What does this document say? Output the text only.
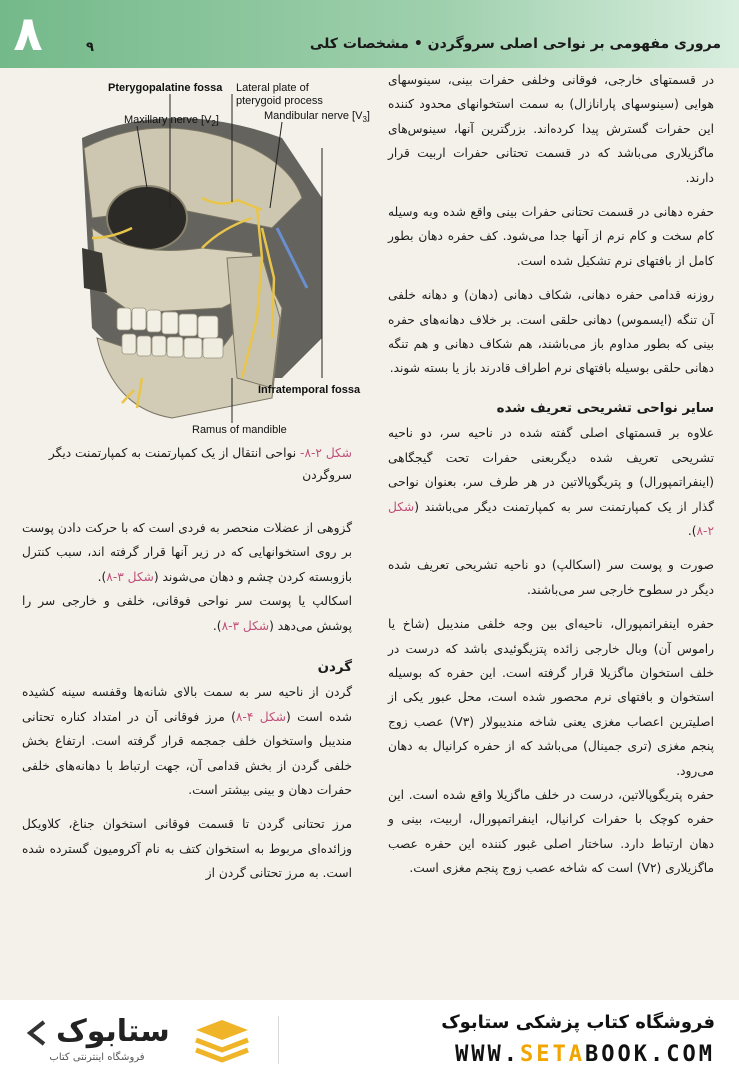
۸	۹	مروری مفهومی بر نواحی اصلی سروگردن • مشخصات کلی
Pterygopalatine fossa Lateral plate of
pterygoid process
Maxillary nerve $[V_2]$	Mandibular nerve $[V_3]$
Infratemporal fossa
Ramus of mandible
شکل ۲-۸- نواحی انتقال از یک کمپارتمنت به کمپارتمنت دیگر سروگردن

در قسمتهای خارجی، فوقانی وخلفی حفرات بینی، سینوسهای هوایی (سینوسهای پارانازال) به سمت استخوانهای محدود کننده این حفرات گسترش پیدا کرده‌اند. بزرگترین آنها، سینوس‌های ماگزیلاری می‌باشد که در قسمت تحتانی حفرات اربیت قرار دارند.

حفره دهانی در قسمت تحتانی حفرات بینی واقع شده وبه وسیله کام سخت و کام نرم از آنها جدا می‌شود. کف حفره دهان بطور کامل از بافتهای نرم تشکیل شده است.

روزنه قدامی حفره دهانی، شکاف دهانی (دهان) و دهانه خلفی آن تنگه (ایسموس) دهانی حلقی است. بر خلاف دهانه‌های حفره بینی که بطور مداوم باز می‌باشند، هم شکاف دهانی و هم تنگه دهانی حلقی بوسیله بافتهای نرم اطراف قادرند باز یا بسته شوند.

سایر نواحی تشریحی تعریف شده

علاوه بر قسمتهای اصلی گفته شده در ناحیه سر، دو ناحیه تشریحی تعریف شده دیگربعنی حفرات تحت گیجگاهی (اینفراتمپورال) و پتریگوپالاتین در هر طرف سر، بعنوان نواحی گذار از یک کمپارتمنت سر به کمپارتمنت دیگر می‌باشند (شکل ۲-۸).

صورت و پوست سر (اسکالپ) دو ناحیه تشریحی تعریف شده دیگر در سطوح خارجی سر می‌باشند.

حفره اینفراتمپورال، ناحیه‌ای بین وجه خلفی مندیبل (شاخ یا راموس آن) وبال خارجی زائده پتزیگوئیدی باشد که درست در خلف استخوان ماگزیلا قرار گرفته است. این حفره که بوسیله استخوان و بافتهای نرم محصور شده است، محل عبور یکی از اصلیترین اعصاب مغزی یعنی شاخه مندیبولار (V۳) عصب زوج پنجم مغزی (تری جمینال) می‌باشد که از حفره کرانیال به دهان می‌رود.

حفره پتریگوپالاتین، درست در خلف ماگزیلا واقع شده است. این حفره کوچک با حفرات کرانیال، اینفراتمپورال، اربیت، بینی و دهان ارتباط دارد. ساختار اصلی غبور کننده این حفره عصب ماگزیلاری (V۲) است که شاخه عصب زوج پنجم مغزی است.

گزوهی از عضلات منحصر به فردی است که با حرکت دادن پوست بر روی استخوانهایی که در زیر آنها قرار گرفته اند، سبب کنترل بازوبسته کردن چشم و دهان می‌شوند (شکل ۳-۸).

اسکالپ یا پوست سر نواحی فوقانی، خلفی و خارجی سر را پوشش می‌دهد (شکل ۳-۸).

گردن

گردن از ناحیه سر به سمت بالای شانه‌ها وقفسه سینه کشیده شده است (شکل ۴-۸) مرز فوقانی آن در امتداد کناره تحتانی مندیبل واستخوان خلف جمجمه قرار گرفته است. ارتفاع بخش خلفی گردن از بخش قدامی آن، جهت ارتباط با دهانه‌های خلفی حفرات دهان و بینی بیشتر است.

مرز تحتانی گردن تا قسمت فوقانی استخوان جناغ، کلاویکل وزائده‌ای مربوط به استخوان کتف به نام آکرومیون گسترده شده است. به مرز تحتانی گردن از

ستابوک
فروشگاه اینترنتی کتاب
فروشگاه کتاب پزشکی ستابوک
WWW.SETABOOK.COM
